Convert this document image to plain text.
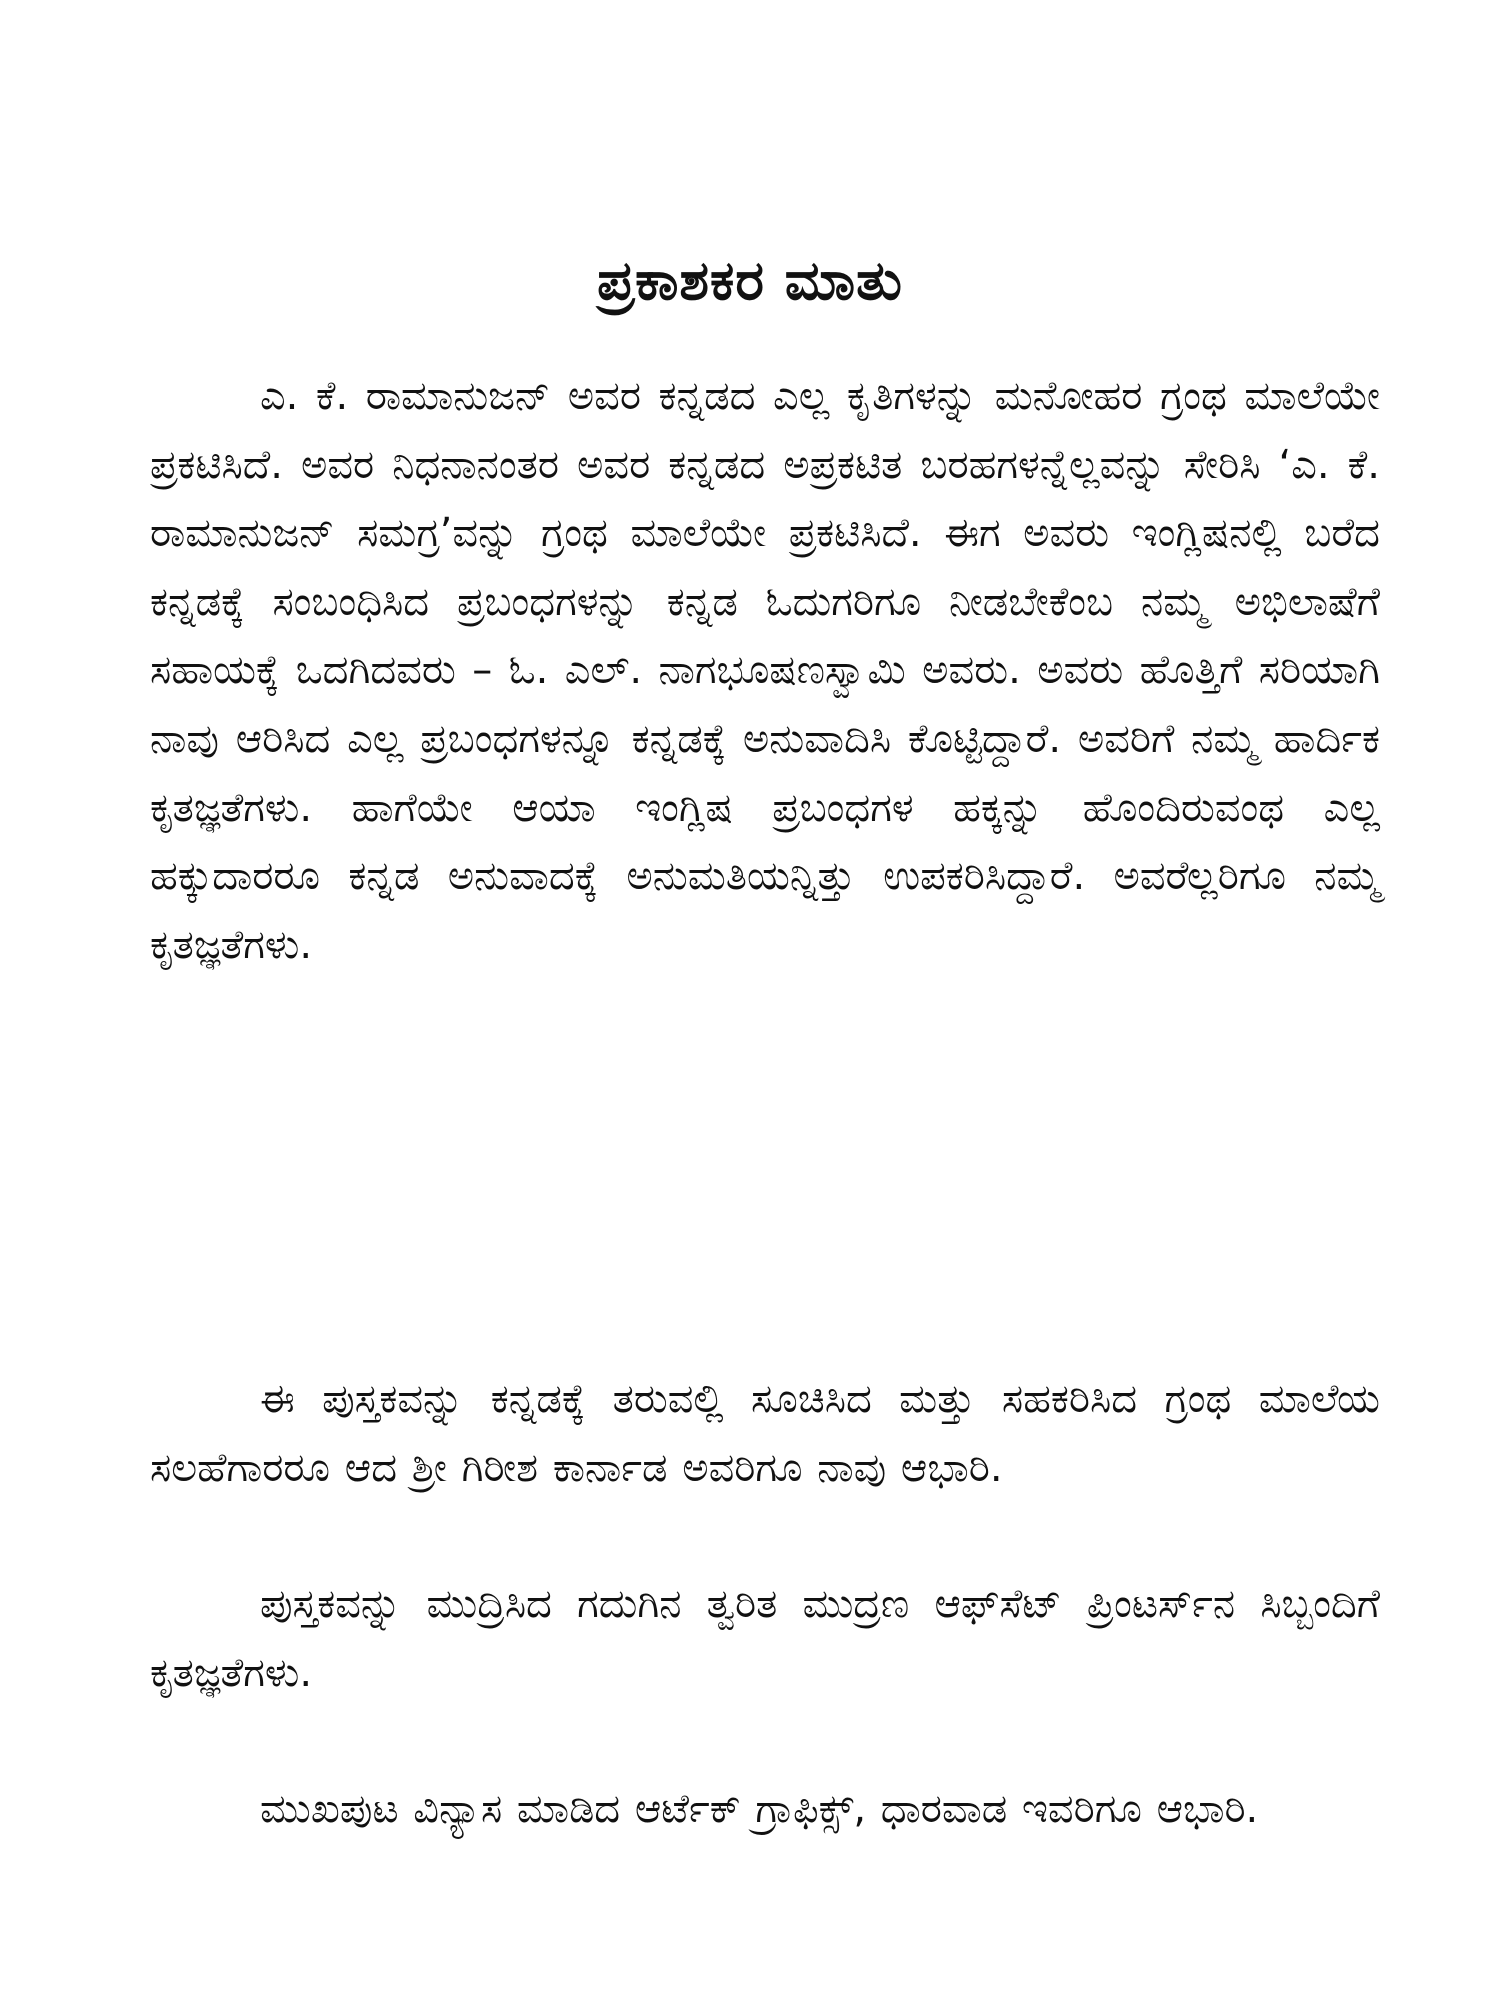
ಪ್ರಕಾಶಕರ ಮಾತು

ಎ. ಕೆ. ರಾಮಾನುಜನ್ ಅವರ ಕನ್ನಡದ ಎಲ್ಲ ಕೃತಿಗಳನ್ನು ಮನೋಹರ ಗ್ರಂಥ ಮಾಲೆಯೇ ಪ್ರಕಟಿಸಿದೆ. ಅವರ ನಿಧನಾನಂತರ ಅವರ ಕನ್ನಡದ ಅಪ್ರಕಟಿತ ಬರಹಗಳನ್ನೆಲ್ಲವನ್ನು ಸೇರಿಸಿ ‘ಎ. ಕೆ. ರಾಮಾನುಜನ್ ಸಮಗ್ರ’ವನ್ನು ಗ್ರಂಥ ಮಾಲೆಯೇ ಪ್ರಕಟಿಸಿದೆ. ಈಗ ಅವರು ಇಂಗ್ಲಿಷನಲ್ಲಿ ಬರೆದ ಕನ್ನಡಕ್ಕೆ ಸಂಬಂಧಿಸಿದ ಪ್ರಬಂಧಗಳನ್ನು ಕನ್ನಡ ಓದುಗರಿಗೂ ನೀಡಬೇಕೆಂಬ ನಮ್ಮ ಅಭಿಲಾಷೆಗೆ ಸಹಾಯಕ್ಕೆ ಒದಗಿದವರು – ಓ. ಎಲ್. ನಾಗಭೂಷಣಸ್ವಾಮಿ ಅವರು. ಅವರು ಹೊತ್ತಿಗೆ ಸರಿಯಾಗಿ ನಾವು ಆರಿಸಿದ ಎಲ್ಲ ಪ್ರಬಂಧಗಳನ್ನೂ ಕನ್ನಡಕ್ಕೆ ಅನುವಾದಿಸಿ ಕೊಟ್ಟಿದ್ದಾರೆ. ಅವರಿಗೆ ನಮ್ಮ ಹಾರ್ದಿಕ ಕೃತಜ್ಞತೆಗಳು. ಹಾಗೆಯೇ ಆಯಾ ಇಂಗ್ಲಿಷ ಪ್ರಬಂಧಗಳ ಹಕ್ಕನ್ನು ಹೊಂದಿರುವಂಥ ಎಲ್ಲ ಹಕ್ಕುದಾರರೂ ಕನ್ನಡ ಅನುವಾದಕ್ಕೆ ಅನುಮತಿಯನ್ನಿತ್ತು ಉಪಕರಿಸಿದ್ದಾರೆ. ಅವರೆಲ್ಲರಿಗೂ ನಮ್ಮ ಕೃತಜ್ಞತೆಗಳು.

ಈ ಪುಸ್ತಕವನ್ನು ಕನ್ನಡಕ್ಕೆ ತರುವಲ್ಲಿ ಸೂಚಿಸಿದ ಮತ್ತು ಸಹಕರಿಸಿದ ಗ್ರಂಥ ಮಾಲೆಯ ಸಲಹೆಗಾರರೂ ಆದ ಶ್ರೀ ಗಿರೀಶ ಕಾರ್ನಾಡ ಅವರಿಗೂ ನಾವು ಆಭಾರಿ.

ಪುಸ್ತಕವನ್ನು ಮುದ್ರಿಸಿದ ಗದುಗಿನ ತ್ವರಿತ ಮುದ್ರಣ ಆಫ್‌ಸೆಟ್ ಪ್ರಿಂಟರ್ಸ್‌ನ ಸಿಬ್ಬಂದಿಗೆ ಕೃತಜ್ಞತೆಗಳು.

ಮುಖಪುಟ ವಿನ್ಯಾಸ ಮಾಡಿದ ಆರ್ಟೆಕ್ ಗ್ರಾಫಿಕ್ಸ್, ಧಾರವಾಡ ಇವರಿಗೂ ಆಭಾರಿ.
